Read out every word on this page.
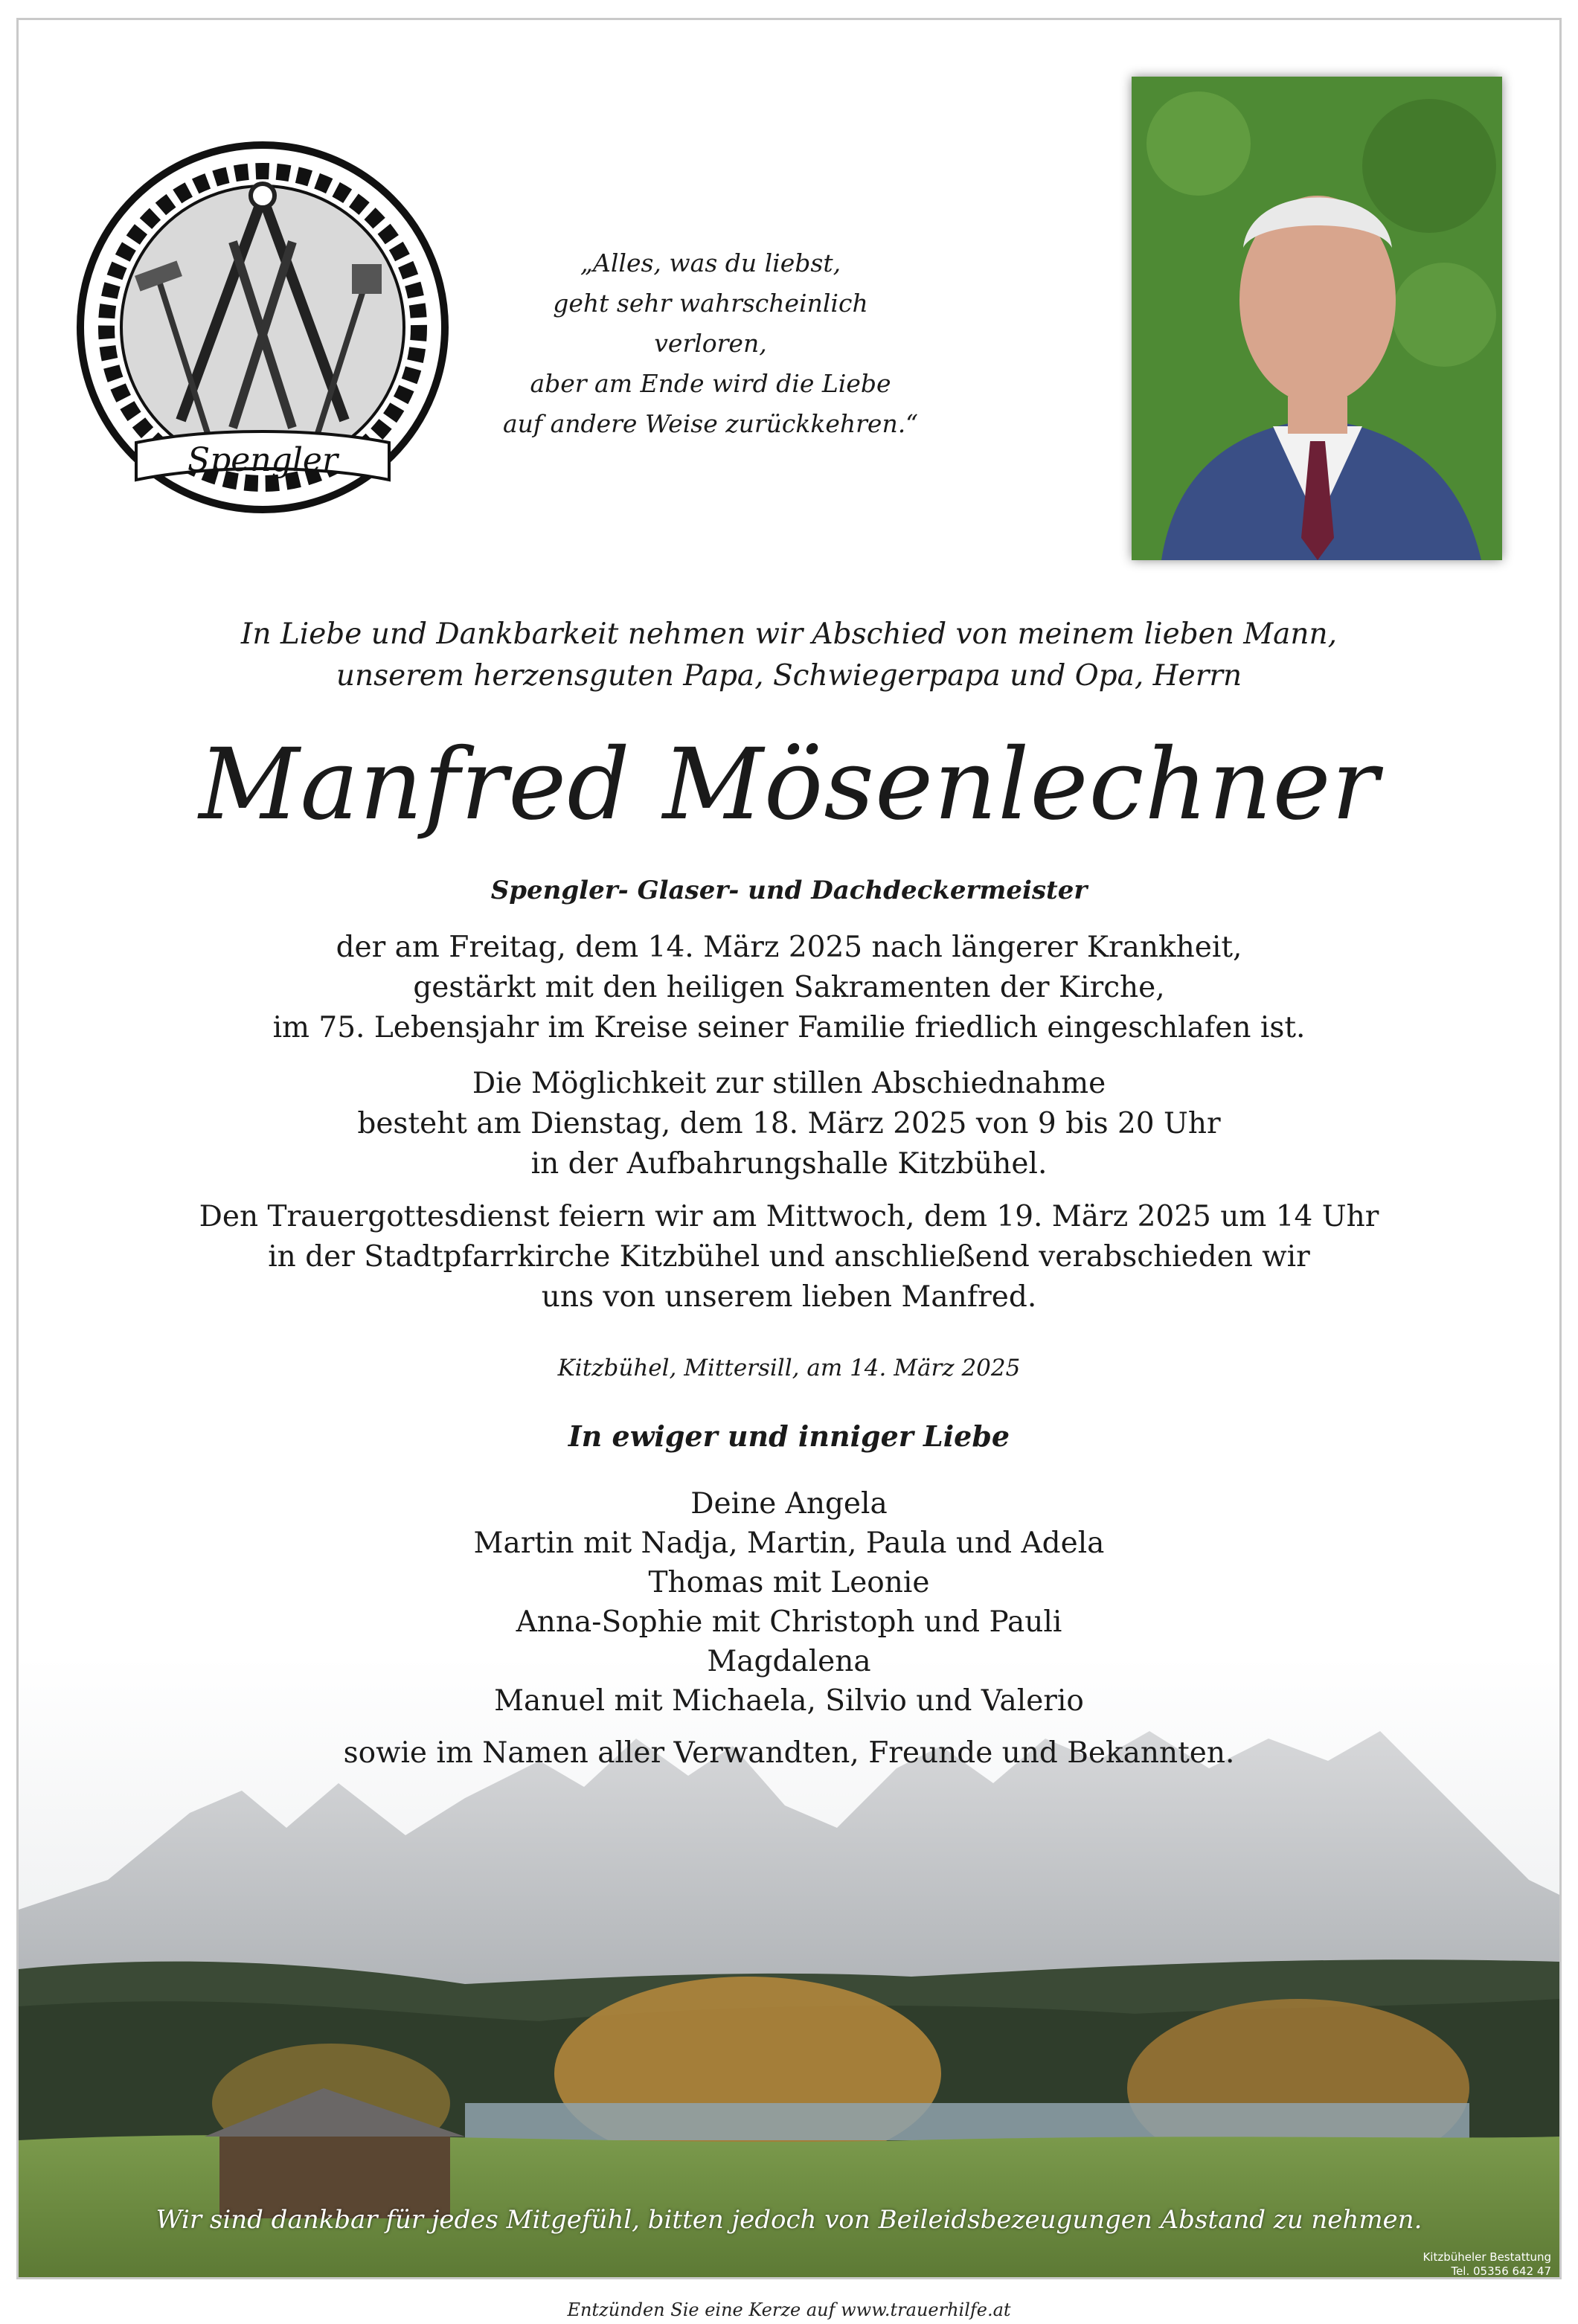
Spengler
„Alles, was du liebst,
geht sehr wahrscheinlich verloren,
aber am Ende wird die Liebe
auf andere Weise zurückkehren.“
In Liebe und Dankbarkeit nehmen wir Abschied von meinem lieben Mann,
unserem herzensguten Papa, Schwiegerpapa und Opa, Herrn
Manfred Mösenlechner
Spengler- Glaser- und Dachdeckermeister
der am Freitag, dem 14. März 2025 nach längerer Krankheit,
gestärkt mit den heiligen Sakramenten der Kirche,
im 75. Lebensjahr im Kreise seiner Familie friedlich eingeschlafen ist.
Die Möglichkeit zur stillen Abschiednahme
besteht am Dienstag, dem 18. März 2025 von 9 bis 20 Uhr
in der Aufbahrungshalle Kitzbühel.
Den Trauergottesdienst feiern wir am Mittwoch, dem 19. März 2025 um 14 Uhr
in der Stadtpfarrkirche Kitzbühel und anschließend verabschieden wir
uns von unserem lieben Manfred.
Kitzbühel, Mittersill, am 14. März 2025
In ewiger und inniger Liebe
Deine Angela
Martin mit Nadja, Martin, Paula und Adela
Thomas mit Leonie
Anna-Sophie mit Christoph und Pauli
Magdalena
Manuel mit Michaela, Silvio und Valerio
sowie im Namen aller Verwandten, Freunde und Bekannten.
Wir sind dankbar für jedes Mitgefühl, bitten jedoch von Beileidsbezeugungen Abstand zu nehmen.
Kitzbüheler Bestattung
Tel. 05356 642 47
Entzünden Sie eine Kerze auf www.trauerhilfe.at
